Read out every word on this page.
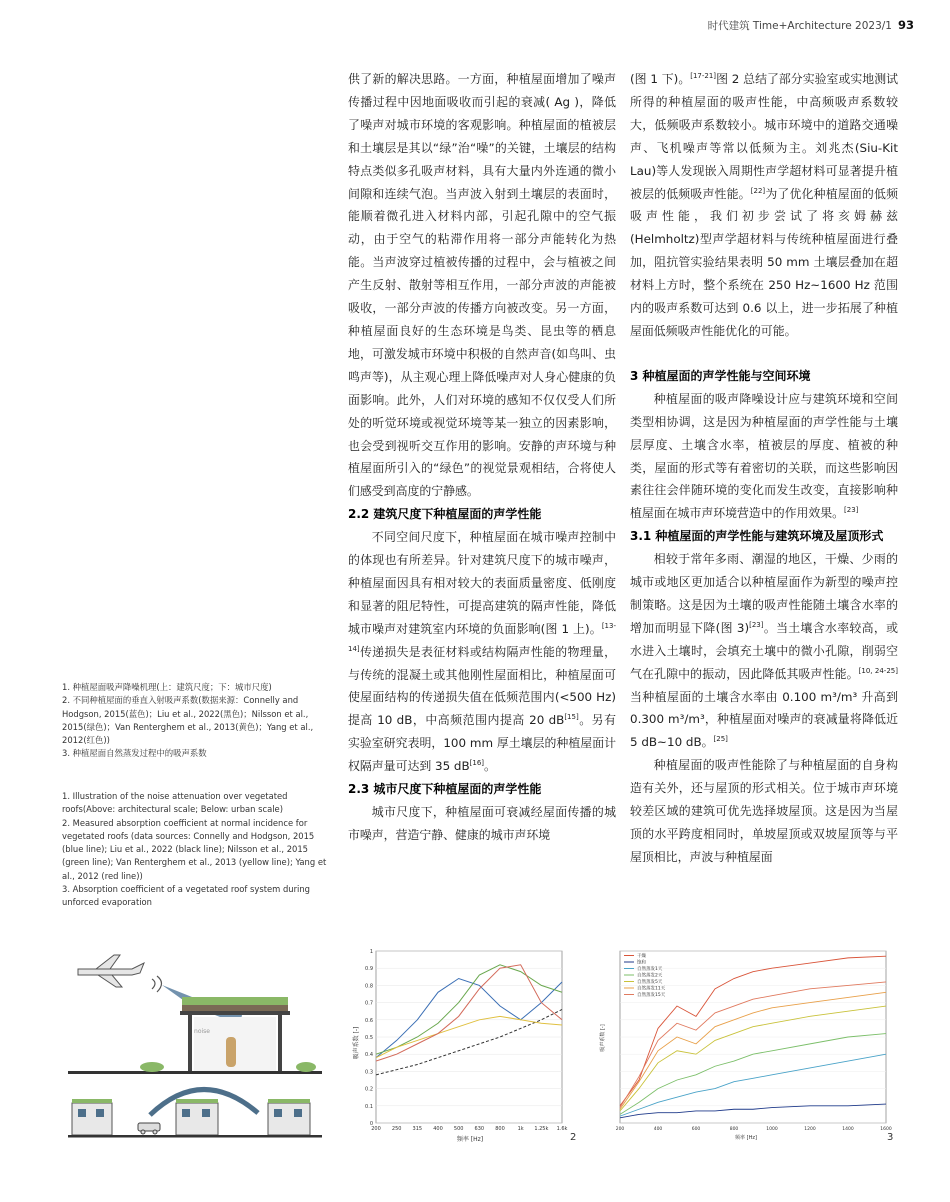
时代建筑 Time+Architecture 2023/1 93

供了新的解决思路。一方面，种植屋面增加了噪声传播过程中因地面吸收而引起的衰减( Ag )，降低了噪声对城市环境的客观影响。种植屋面的植被层和土壤层是其以“绿”治“噪”的关键，土壤层的结构特点类似多孔吸声材料，具有大量内外连通的微小间隙和连续气泡。当声波入射到土壤层的表面时，能顺着微孔进入材料内部，引起孔隙中的空气振动，由于空气的粘滞作用将一部分声能转化为热能。当声波穿过植被传播的过程中，会与植被之间产生反射、散射等相互作用，一部分声波的声能被吸收，一部分声波的传播方向被改变。另一方面，种植屋面良好的生态环境是鸟类、昆虫等的栖息地，可激发城市环境中积极的自然声音(如鸟叫、虫鸣声等)，从主观心理上降低噪声对人身心健康的负面影响。此外，人们对环境的感知不仅仅受人们所处的听觉环境或视觉环境等某一独立的因素影响，也会受到视听交互作用的影响。安静的声环境与种植屋面所引入的“绿色”的视觉景观相结，合将使人们感受到高度的宁静感。

2.2 建筑尺度下种植屋面的声学性能

不同空间尺度下，种植屋面在城市噪声控制中的体现也有所差异。针对建筑尺度下的城市噪声，种植屋面因具有相对较大的表面质量密度、低刚度和显著的阻尼特性，可提高建筑的隔声性能，降低城市噪声对建筑室内环境的负面影响(图 1 上)。[13-14]传递损失是表征材料或结构隔声性能的物理量，与传统的混凝土或其他刚性屋面相比，种植屋面可使屋面结构的传递损失值在低频范围内(<500 Hz)提高 10 dB，中高频范围内提高 20 dB[15]。另有实验室研究表明，100 mm 厚土壤层的种植屋面计权隔声量可达到 35 dB[16]。

2.3 城市尺度下种植屋面的声学性能

城市尺度下，种植屋面可衰减经屋面传播的城市噪声，营造宁静、健康的城市声环境

(图 1 下)。[17-21]图 2 总结了部分实验室或实地测试所得的种植屋面的吸声性能，中高频吸声系数较大，低频吸声系数较小。城市环境中的道路交通噪声、飞机噪声等常以低频为主。刘兆杰(Siu-Kit Lau)等人发现嵌入周期性声学超材料可显著提升植被层的低频吸声性能。[22]为了优化种植屋面的低频吸声性能，我们初步尝试了将亥姆赫兹(Helmholtz)型声学超材料与传统种植屋面进行叠加，阻抗管实验结果表明 50 mm 土壤层叠加在超材料上方时，整个系统在 250 Hz~1600 Hz 范围内的吸声系数可达到 0.6 以上，进一步拓展了种植屋面低频吸声性能优化的可能。

3 种植屋面的声学性能与空间环境

种植屋面的吸声降噪设计应与建筑环境和空间类型相协调，这是因为种植屋面的声学性能与土壤层厚度、土壤含水率，植被层的厚度、植被的种类，屋面的形式等有着密切的关联，而这些影响因素往往会伴随环境的变化而发生改变，直接影响种植屋面在城市声环境营造中的作用效果。[23]

3.1 种植屋面的声学性能与建筑环境及屋顶形式

相较于常年多雨、潮湿的地区，干燥、少雨的城市或地区更加适合以种植屋面作为新型的噪声控制策略。这是因为土壤的吸声性能随土壤含水率的增加而明显下降(图 3)[23]。当土壤含水率较高，或水进入土壤时，会填充土壤中的微小孔隙，削弱空气在孔隙中的振动，因此降低其吸声性能。[10, 24-25]当种植屋面的土壤含水率由 0.100 m³/m³ 升高到 0.300 m³/m³，种植屋面对噪声的衰减量将降低近 5 dB~10 dB。[25]

种植屋面的吸声性能除了与种植屋面的自身构造有关外，还与屋顶的形式相关。位于城市声环境较差区域的建筑可优先选择坡屋顶。这是因为当屋顶的水平跨度相同时，单坡屋顶或双坡屋顶等与平屋顶相比，声波与种植屋面

1. 种植屋面吸声降噪机理(上：建筑尺度；下：城市尺度)
2. 不同种植屋面的垂直入射吸声系数(数据来源：Connelly and Hodgson, 2015(蓝色)；Liu et al., 2022(黑色)；Nilsson et al., 2015(绿色)；Van Renterghem et al., 2013(黄色)；Yang et al., 2012(红色))
3. 种植屋面自然蒸发过程中的吸声系数
1. Illustration of the noise attenuation over vegetated roofs(Above: architectural scale; Below: urban scale)
2. Measured absorption coefficient at normal incidence for vegetated roofs (data sources: Connelly and Hodgson, 2015 (blue line); Liu et al., 2022 (black line); Nilsson et al., 2015 (green line); Van Renterghem et al., 2013 (yellow line); Yang et al., 2012 (red line))
3. Absorption coefficient of a vegetated roof system during unforced evaporation
noise	吸声系数 [-]
频率 [Hz]	2
0
0.1
0.2
0.3
0.4
0.5
0.6
0.7
0.8
0.9
1
200 250 315 400 500 630 800	1k 1.25k 1.6k
吸声系数 [-]
频率 [Hz]	3
200	400	600	800	1000	1200	1400	1600
干燥
饱和
自然蒸发1天
自然蒸发2天
自然蒸发5天
自然蒸发11天
自然蒸发15天
